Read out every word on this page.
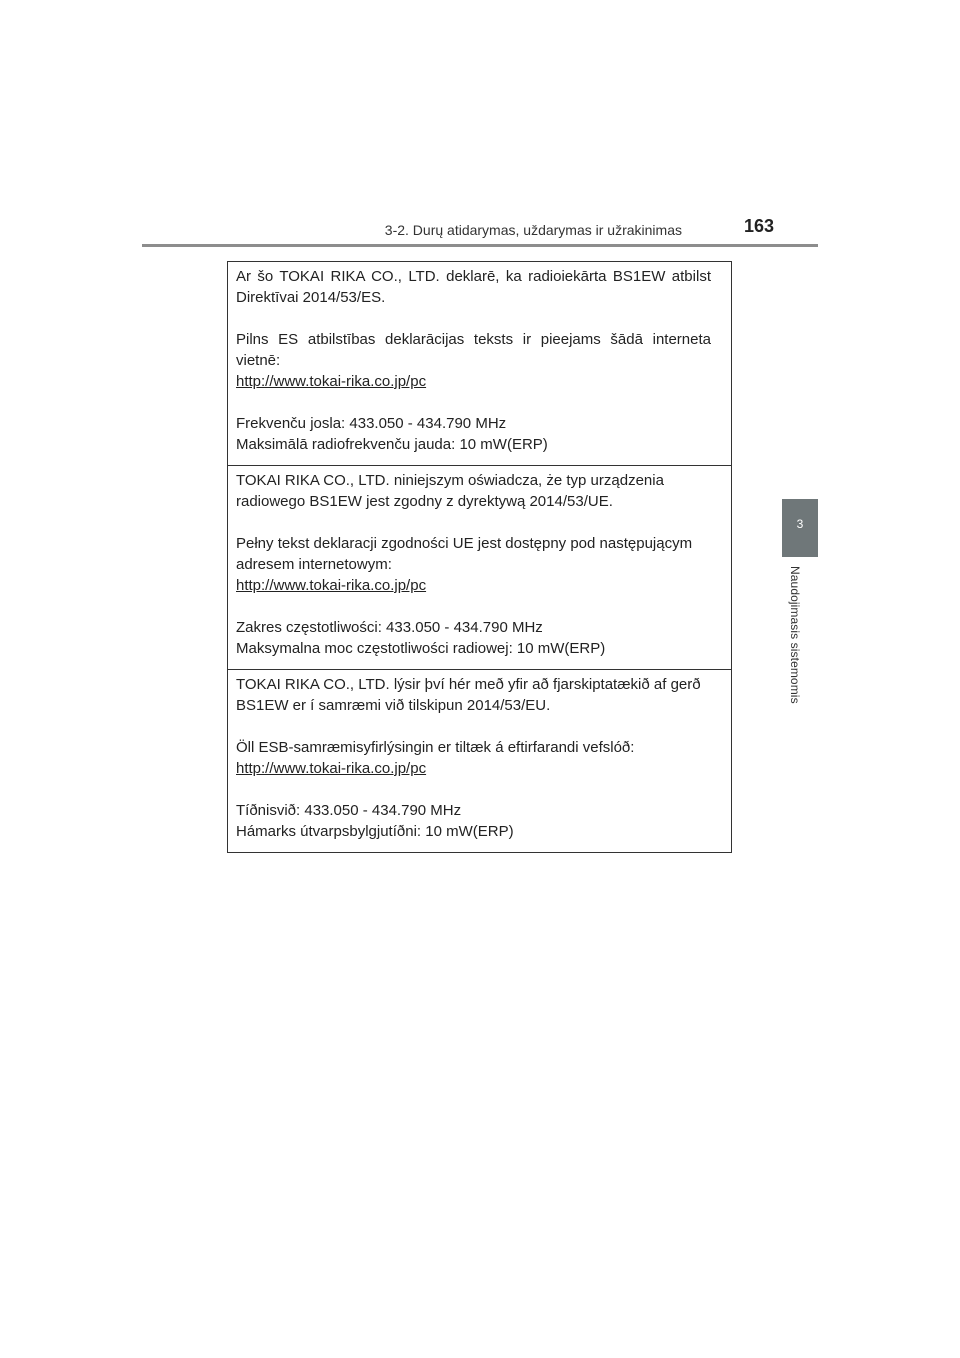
3-2. Durų atidarymas, uždarymas ir užrakinimas	163
3
Naudojimasis sistemomis

Ar šo TOKAI RIKA CO., LTD. deklarē, ka radioiekārta BS1EW atbilst Direktīvai 2014/53/ES.

Pilns ES atbilstības deklarācijas teksts ir pieejams šādā interneta vietnē:

http://www.tokai-rika.co.jp/pc

Frekvenču josla: 433.050 - 434.790 MHz

Maksimālā radiofrekvenču jauda: 10 mW(ERP)

TOKAI RIKA CO., LTD. niniejszym oświadcza, że typ urządzenia radiowego BS1EW jest zgodny z dyrektywą 2014/53/UE.

Pełny tekst deklaracji zgodności UE jest dostępny pod następującym adresem internetowym:

http://www.tokai-rika.co.jp/pc

Zakres częstotliwości: 433.050 - 434.790 MHz

Maksymalna moc częstotliwości radiowej: 10 mW(ERP)

TOKAI RIKA CO., LTD. lýsir því hér með yfir að fjarskiptatækið af gerð BS1EW er í samræmi við tilskipun 2014/53/EU.

Öll ESB-samræmisyfirlýsingin er tiltæk á eftirfarandi vefslóð:

http://www.tokai-rika.co.jp/pc

Tíðnisvið: 433.050 - 434.790 MHz

Hámarks útvarpsbylgjutíðni: 10 mW(ERP)
